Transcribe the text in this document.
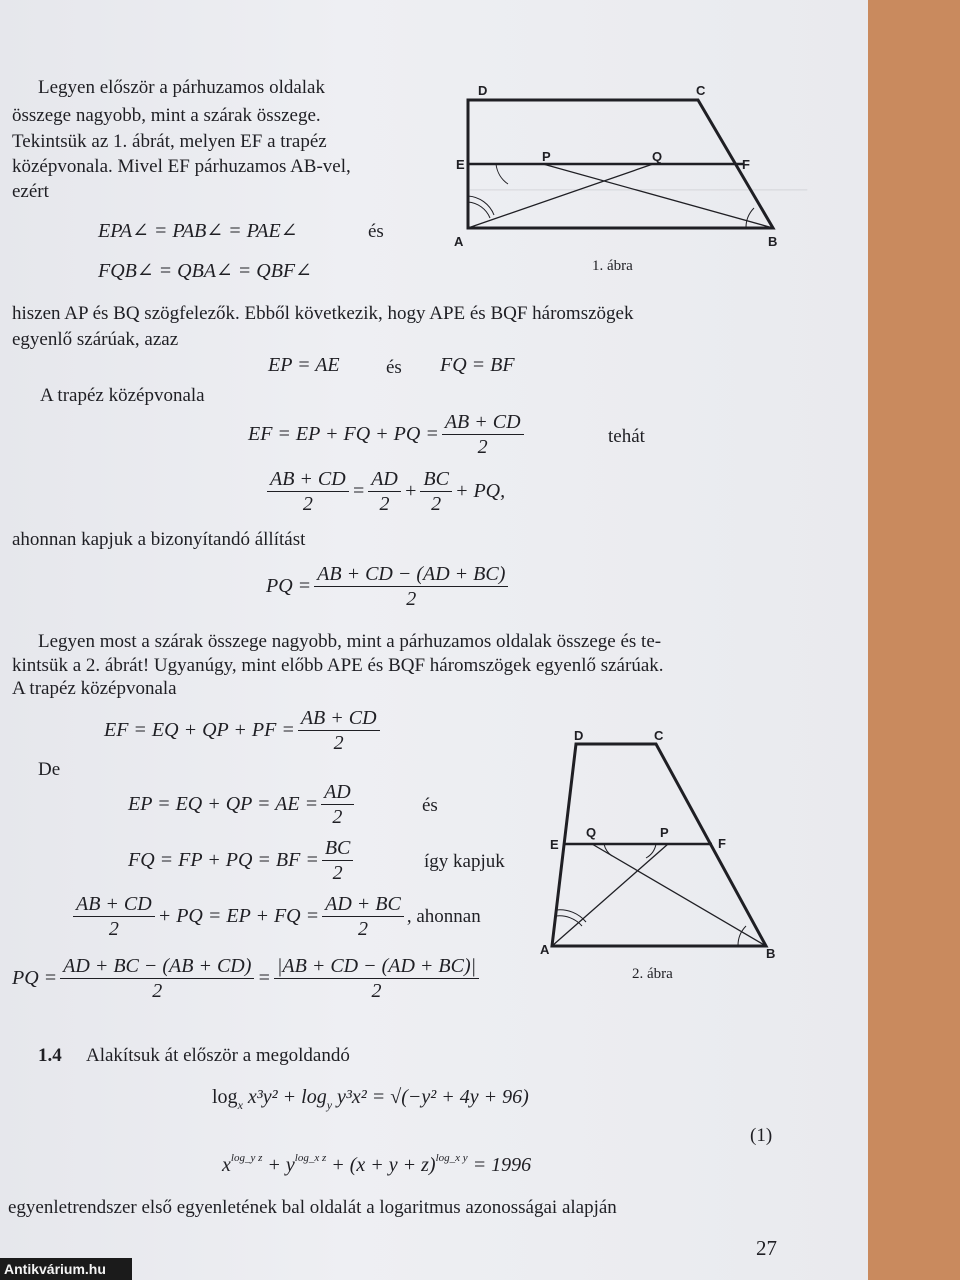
────────────────────────────
Legyen először a párhuzamos oldalak
összege nagyobb, mint a szárak összege.
Tekintsük az 1. ábrát, melyen EF a trapéz
középvonala. Mivel EF párhuzamos AB-vel,
ezért
EPA∠ = PAB∠ = PAE∠	és
FQB∠ = QBA∠ = QBF∠
D	C
E
P	Q
F
A	B
1. ábra
hiszen AP és BQ szögfelezők. Ebből következik, hogy APE és BQF háromszögek
egyenlő szárúak, azaz
EP = AE és FQ = BF
A trapéz középvonala
EF = EP + FQ + PQ = $\frac{AB + CD}{2}$	tehát
$\frac{AB + CD}{2} = \frac{AD}{2} + \frac{BC}{2}$ + PQ,
ahonnan kapjuk a bizonyítandó állítást
PQ = $\frac{AB + CD - (AD + BC)}{2}$
Legyen most a szárak összege nagyobb, mint a párhuzamos oldalak összege és te-
kintsük a 2. ábrát! Ugyanúgy, mint előbb APE és BQF háromszögek egyenlő szárúak.
A trapéz középvonala
EF = EQ + QP + PF = $\frac{AB + CD}{2}$
De
EP = EQ + QP = AE = $\frac{AD}{2}$	és
FQ = FP + PQ = BF = $\frac{BC}{2}$	így kapjuk
$\frac{AB + CD}{2}$ + PQ = EP + FQ = $\frac{AD + BC}{2}$ , ahonnan
PQ = $\frac{AD + BC - (AB + CD)}{2} = \frac{|AB + CD - (AD + BC)|}{2}$
D	C
E
Q	P
F
A	B
2. ábra
1.4 Alakítsuk át először a megoldandó
$\log_x x^3y^2 + \log_y y^3x^2 = √(-y^2 + 4y + 96)$
(1)
$x^{log\_y z} + y^{log\_x z} + (x + y + z)^{log\_x y} = 1996$
egyenletrendszer első egyenletének bal oldalát a logaritmus azonosságai alapján
27
Antikvárium.hu
